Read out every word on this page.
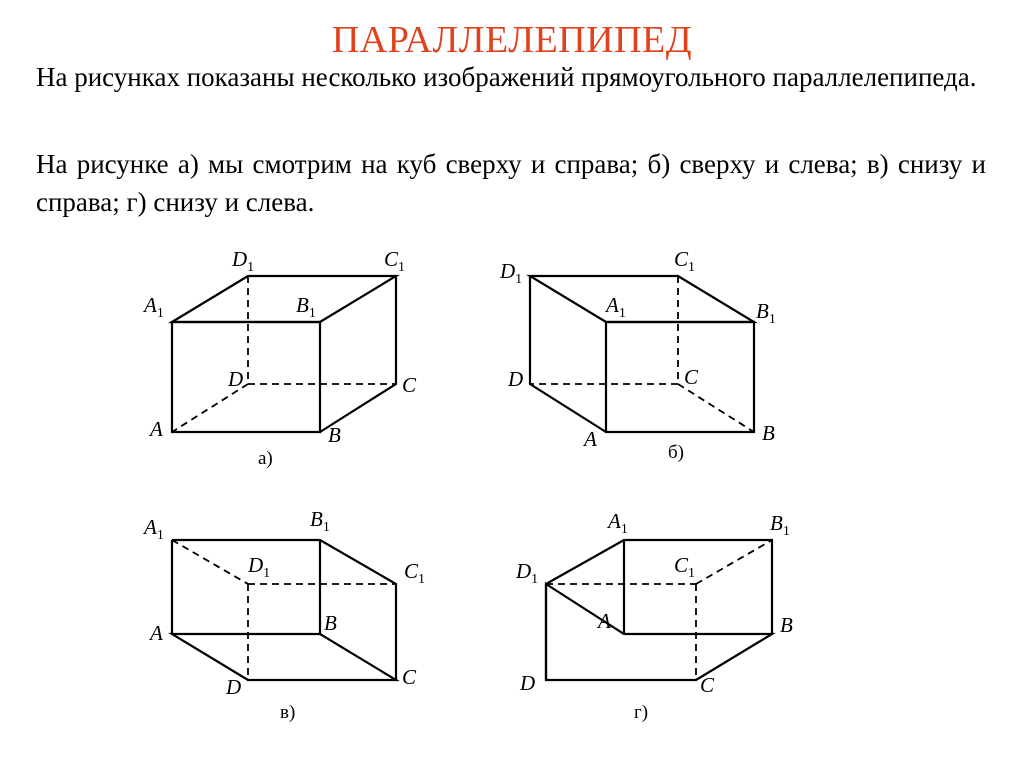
ПАРАЛЛЕЛЕПИПЕД
На рисунках показаны несколько изображений прямоугольного параллелепипеда.
На рисунке а) мы смотрим на куб сверху и справа; б) сверху и слева; в) снизу и справа; г) снизу и слева.
$A_1$	$B_1$
$C_1$
$D_1$
A	B
C
D
а)
$D_1$
$C_1$
$A_1$	$B_1$
D	C
A	B
б)
$A_1$
$B_1$
$C_1$
$D_1$
A	B
C
D
в)
$A_1$	$B_1$
$C_1$
$D_1$
A	B
C
D
г)
